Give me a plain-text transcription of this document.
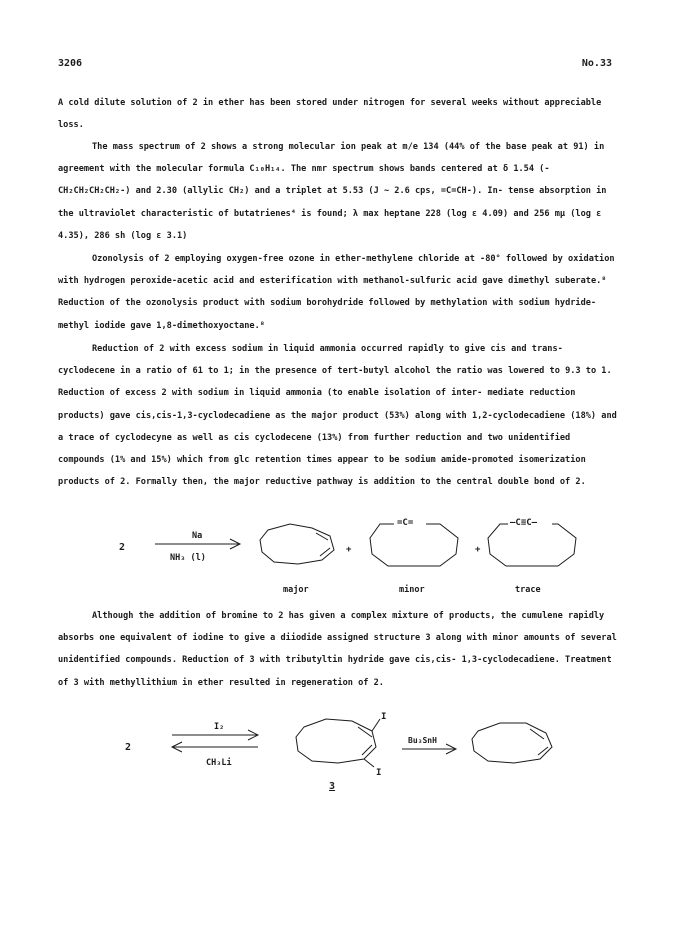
3206	No.33
A cold dilute solution of 2 in ether has been stored under nitrogen for several weeks without appreciable loss.
The mass spectrum of 2 shows a strong molecular ion peak at m/e 134 (44% of the base peak at 91) in agreement with the molecular formula C₁₀H₁₄. The nmr spectrum shows bands centered at δ 1.54 (-CH₂CH₂CH₂CH₂-) and 2.30 (allylic CH₂) and a triplet at 5.53 (J ~ 2.6 cps, =C=CH-). In- tense absorption in the ultraviolet characteristic of butatrienes⁴ is found; λ max heptane 228 (log ε 4.09) and 256 mμ (log ε 4.35), 286 sh (log ε 3.1)
Ozonolysis of 2 employing oxygen-free ozone in ether-methylene chloride at -80° followed by oxidation with hydrogen peroxide-acetic acid and esterification with methanol-sulfuric acid gave dimethyl suberate.⁸ Reduction of the ozonolysis product with sodium borohydride followed by methylation with sodium hydride-methyl iodide gave 1,8-dimethoxyoctane.⁸
Reduction of 2 with excess sodium in liquid ammonia occurred rapidly to give cis and trans- cyclodecene in a ratio of 61 to 1; in the presence of tert-butyl alcohol the ratio was lowered to 9.3 to 1. Reduction of excess 2 with sodium in liquid ammonia (to enable isolation of inter- mediate reduction products) gave cis,cis-1,3-cyclodecadiene as the major product (53%) along with 1,2-cyclodecadiene (18%) and a trace of cyclodecyne as well as cis cyclodecene (13%) from further reduction and two unidentified compounds (1% and 15%) which from glc retention times appear to be sodium amide-promoted isomerization products of 2. Formally then, the major reductive pathway is addition to the central double bond of 2.
2
Na
NH₃ (l)
+
=C=
+
—C≡C—
major	minor	trace
Although the addition of bromine to 2 has given a complex mixture of products, the cumulene rapidly absorbs one equivalent of iodine to give a diiodide assigned structure 3 along with minor amounts of several unidentified compounds. Reduction of 3 with tributyltin hydride gave cis,cis- 1,3-cyclodecadiene. Treatment of 3 with methyllithium in ether resulted in regeneration of 2.
2
I₂
CH₃Li
I
I
3
Bu₃SnH
